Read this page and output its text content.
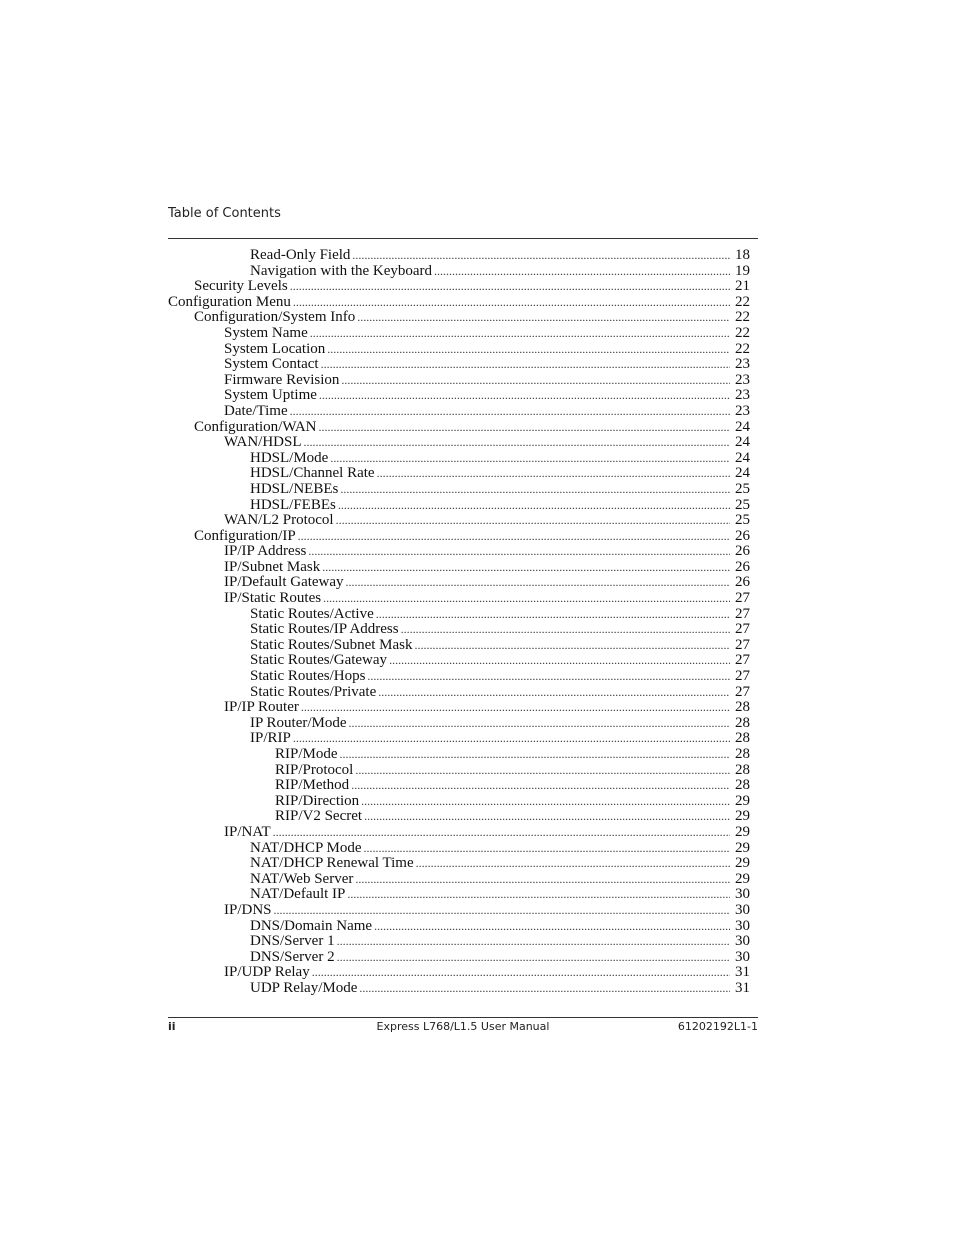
Table of Contents
Read-Only Field .....	18
Navigation with the Keyboard .....	19
Security Levels .....	21
Configuration Menu .....	22
Configuration/System Info .....	22
System Name .....	22
System Location .....	22
System Contact .....	23
Firmware Revision .....	23
System Uptime .....	23
Date/Time .....	23
Configuration/WAN .....	24
WAN/HDSL .....	24
HDSL/Mode .....	24
HDSL/Channel Rate .....	24
HDSL/NEBEs .....	25
HDSL/FEBEs .....	25
WAN/L2 Protocol .....	25
Configuration/IP .....	26
IP/IP Address .....	26
IP/Subnet Mask .....	26
IP/Default Gateway .....	26
IP/Static Routes .....	27
Static Routes/Active .....	27
Static Routes/IP Address .....	27
Static Routes/Subnet Mask .....	27
Static Routes/Gateway .....	27
Static Routes/Hops .....	27
Static Routes/Private .....	27
IP/IP Router .....	28
IP Router/Mode .....	28
IP/RIP .....	28
RIP/Mode .....	28
RIP/Protocol .....	28
RIP/Method .....	28
RIP/Direction .....	29
RIP/V2 Secret .....	29
IP/NAT .....	29
NAT/DHCP Mode .....	29
NAT/DHCP Renewal Time .....	29
NAT/Web Server .....	29
NAT/Default IP .....	30
IP/DNS .....	30
DNS/Domain Name .....	30
DNS/Server 1 .....	30
DNS/Server 2 .....	30
IP/UDP Relay .....	31
UDP Relay/Mode .....	31
ii	Express L768/L1.5 User Manual	61202192L1-1
